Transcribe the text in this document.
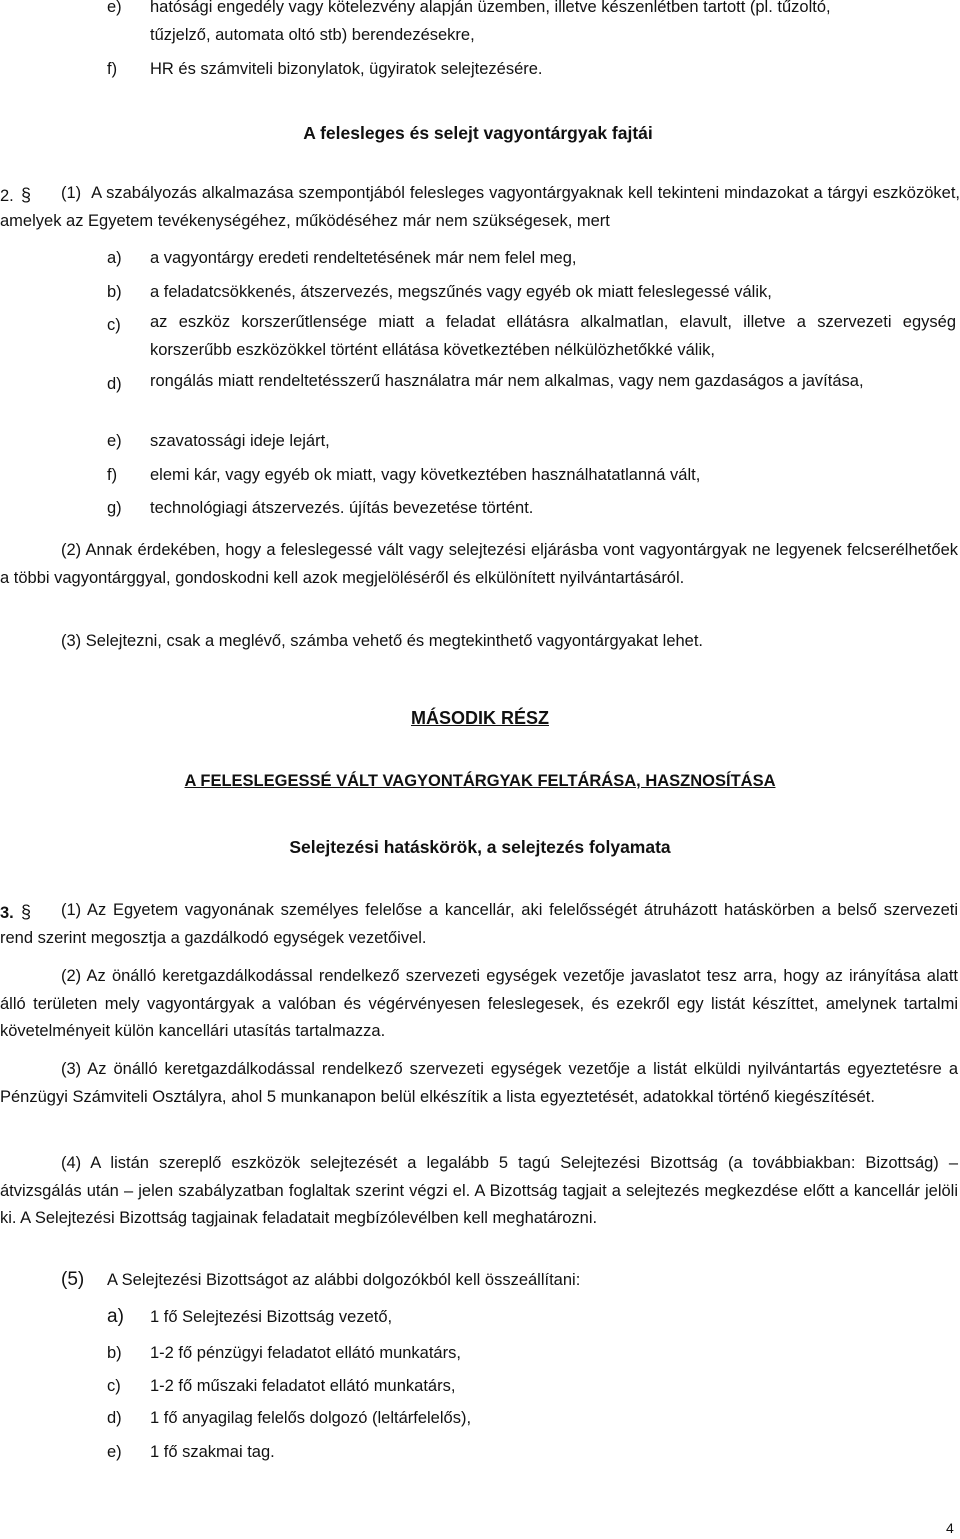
e) hatósági engedély vagy kötelezvény alapján üzemben, illetve készenlétben tartott (pl. tűzoltó,
tűzjelző, automata oltó stb) berendezésekre,
f) HR és számviteli bizonylatok, ügyiratok selejtezésére.
A felesleges és selejt vagyontárgyak fajtái
2. §	(1) A szabályozás alkalmazása szempontjából felesleges vagyontárgyaknak kell tekinteni mindazokat a tárgyi eszközöket, amelyek az Egyetem tevékenységéhez, működéséhez már nem szükségesek, mert

a) a vagyontárgy eredeti rendeltetésének már nem felel meg,
b) a feladatcsökkenés, átszervezés, megszűnés vagy egyéb ok miatt feleslegessé válik,
c) az eszköz korszerűtlensége miatt a feladat ellátásra alkalmatlan, elavult, illetve a szervezeti egység korszerűbb eszközökkel történt ellátása következtében nélkülözhetőkké válik,
d) rongálás miatt rendeltetésszerű használatra már nem alkalmas, vagy nem gazdaságos a javítása,
e) szavatossági ideje lejárt,
f) elemi kár, vagy egyéb ok miatt, vagy következtében használhatatlanná vált,
g) technológiagi átszervezés. újítás bevezetése történt.
(2) Annak érdekében, hogy a feleslegessé vált vagy selejtezési eljárásba vont vagyontárgyak ne legyenek felcserélhetőek a többi vagyontárggyal, gondoskodni kell azok megjelöléséről és elkülönített nyilvántartásáról.
(3) Selejtezni, csak a meglévő, számba vehető és megtekinthető vagyontárgyakat lehet.
MÁSODIK RÉSZ
A FELESLEGESSÉ VÁLT VAGYONTÁRGYAK FELTÁRÁSA, HASZNOSÍTÁSA
Selejtezési hatáskörök, a selejtezés folyamata
3. §	(1) Az Egyetem vagyonának személyes felelőse a kancellár, aki felelősségét átruházott hatáskörben a belső szervezeti rend szerint megosztja a gazdálkodó egységek vezetőivel.
(2) Az önálló keretgazdálkodással rendelkező szervezeti egységek vezetője javaslatot tesz arra, hogy az irányítása alatt álló területen mely vagyontárgyak a valóban és végérvényesen feleslegesek, és ezekről egy listát készíttet, amelynek tartalmi követelményeit külön kancellári utasítás tartalmazza.
(3) Az önálló keretgazdálkodással rendelkező szervezeti egységek vezetője a listát elküldi nyilvántartás egyeztetésre a Pénzügyi Számviteli Osztályra, ahol 5 munkanapon belül elkészítik a lista egyeztetését, adatokkal történő kiegészítését.
(4) A listán szereplő eszközök selejtezését a legalább 5 tagú Selejtezési Bizottság (a továbbiakban: Bizottság) – átvizsgálás után – jelen szabályzatban foglaltak szerint végzi el. A Bizottság tagjait a selejtezés megkezdése előtt a kancellár jelöli ki. A Selejtezési Bizottság tagjainak feladatait megbízólevélben kell meghatározni.
(5) A Selejtezési Bizottságot az alábbi dolgozókból kell összeállítani:
a) 1 fő Selejtezési Bizottság vezető,
b) 1-2 fő pénzügyi feladatot ellátó munkatárs,
c) 1-2 fő műszaki feladatot ellátó munkatárs,
d) 1 fő anyagilag felelős dolgozó (leltárfelelős),
e) 1 fő szakmai tag.
4
